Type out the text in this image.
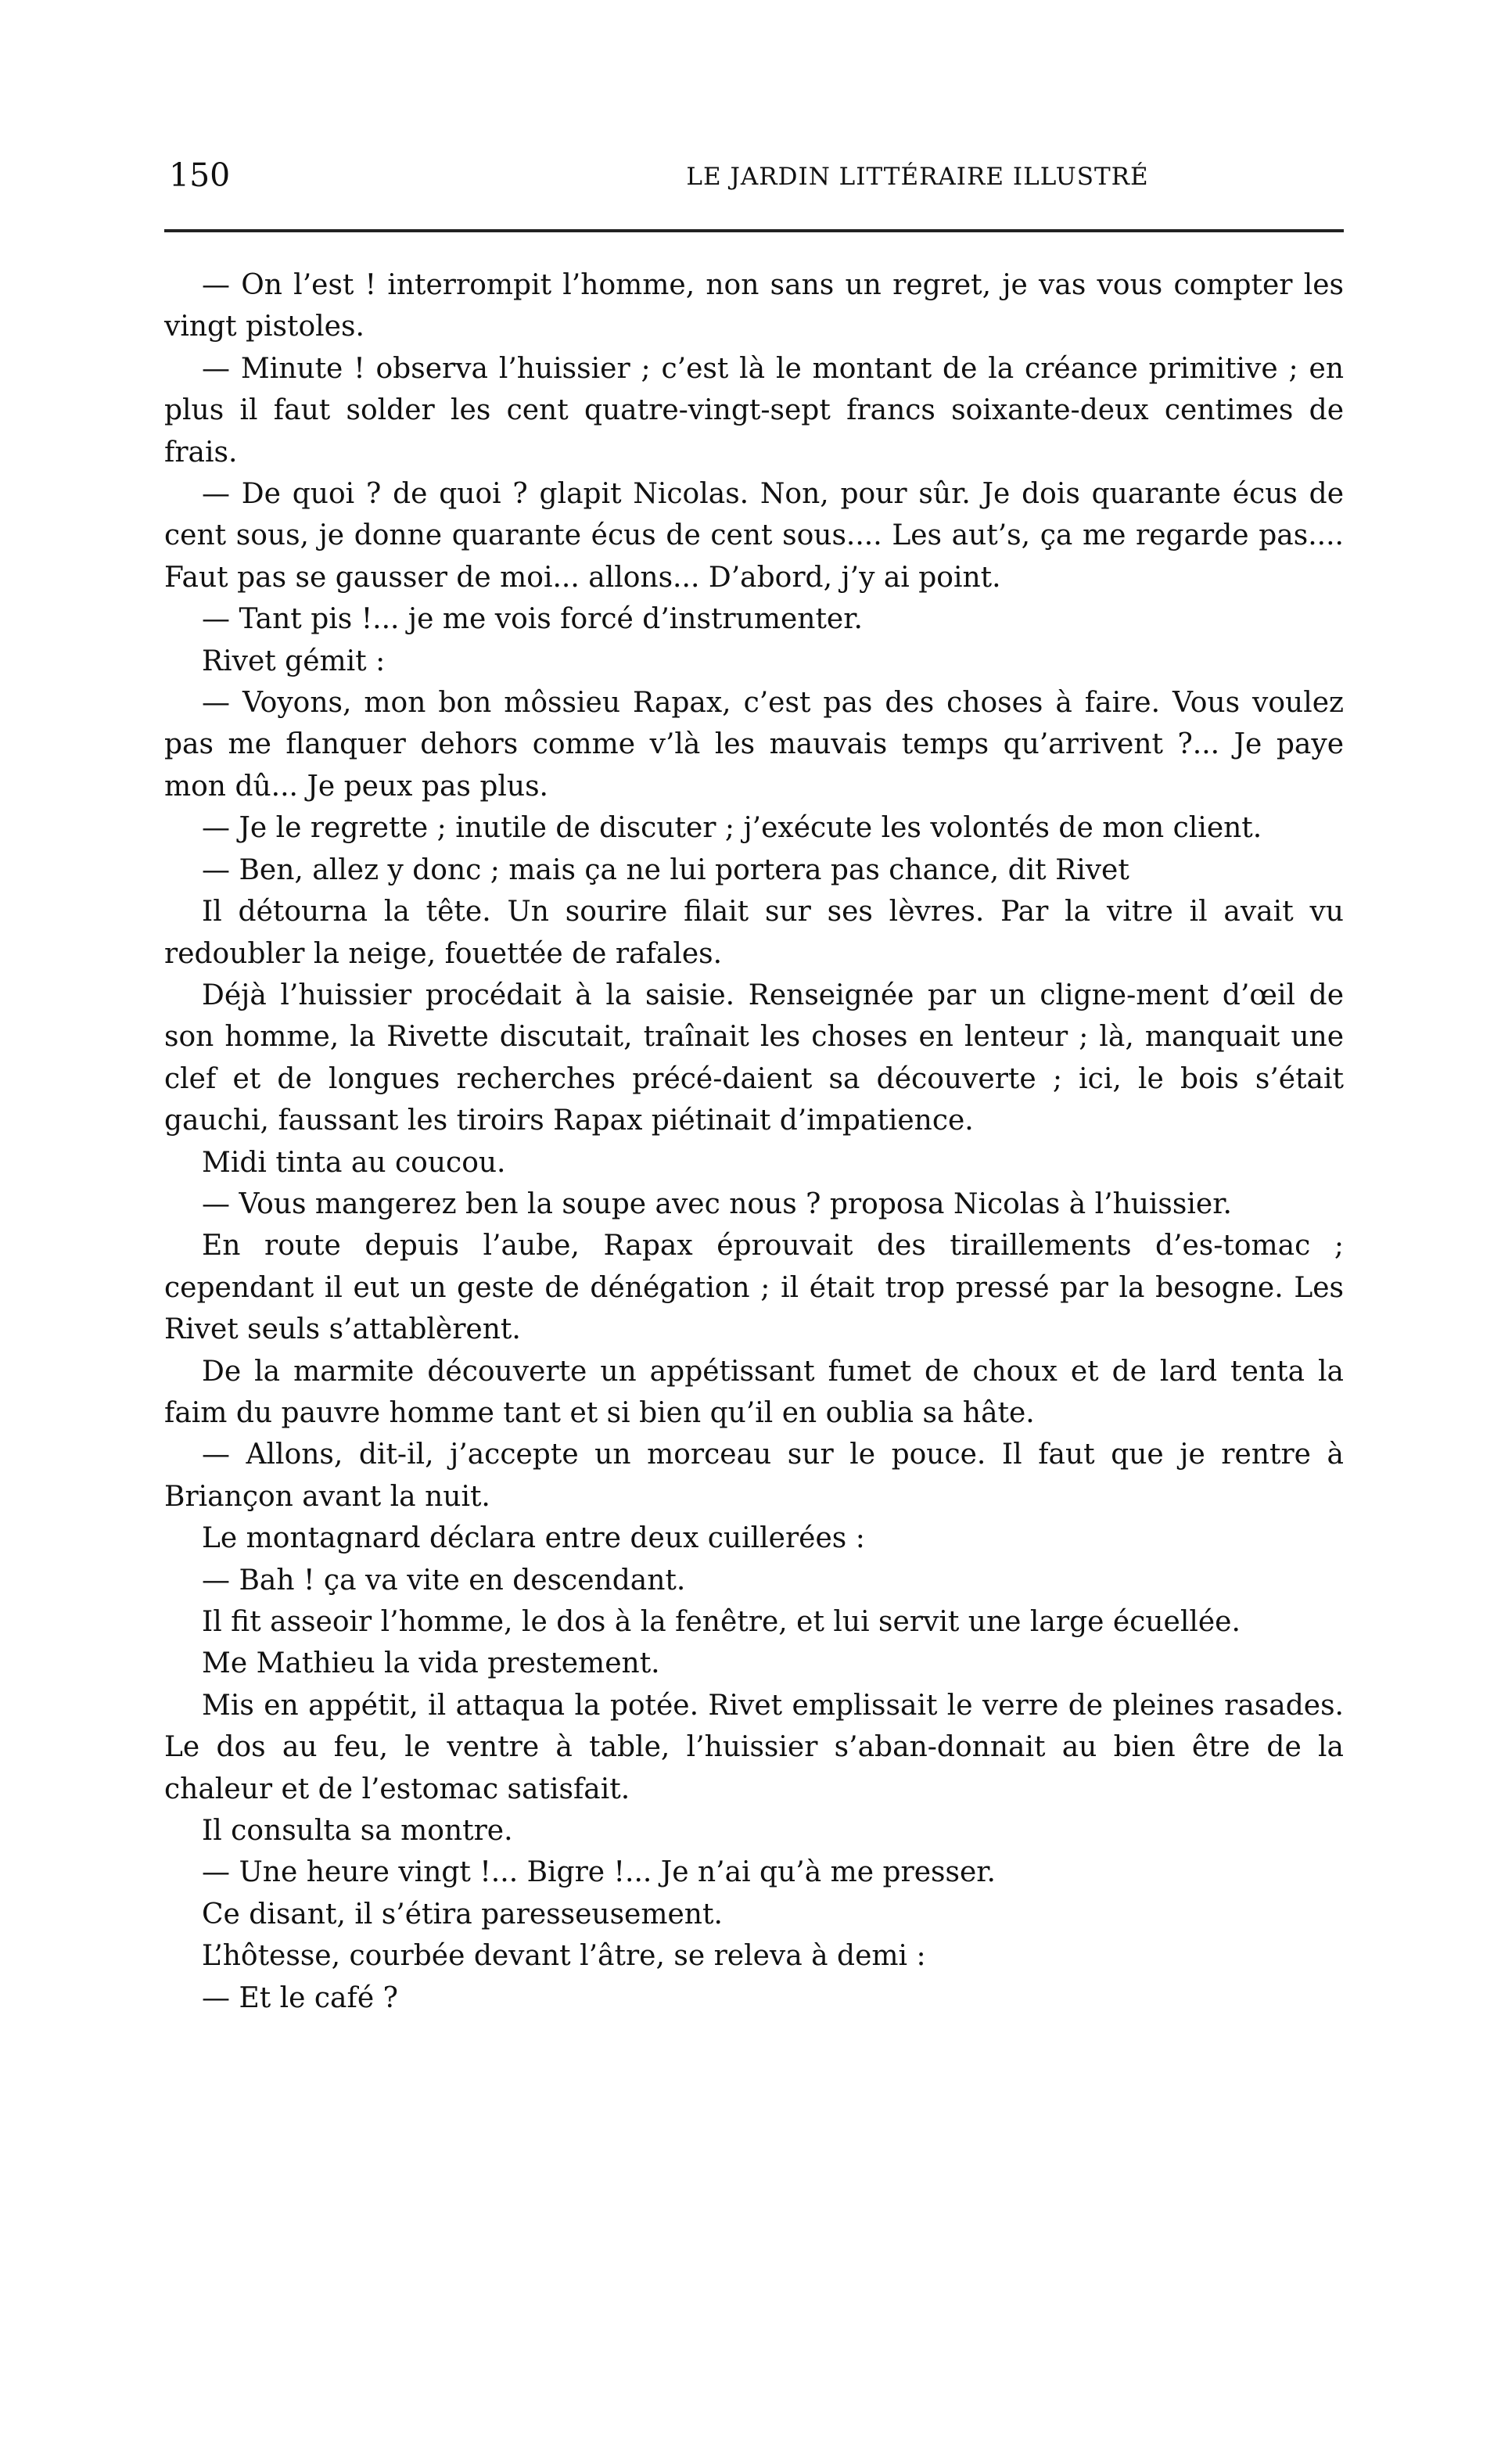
150	LE JARDIN LITTÉRAIRE ILLUSTRÉ

— On l’est ! interrompit l’homme, non sans un regret, je vas vous compter les vingt pistoles.

— Minute ! observa l’huissier ; c’est là le montant de la créance primitive ; en plus il faut solder les cent quatre-vingt-sept francs soixante-deux centimes de frais.

— De quoi ? de quoi ? glapit Nicolas. Non, pour sûr. Je dois quarante écus de cent sous, je donne quarante écus de cent sous.... Les aut’s, ça me regarde pas.... Faut pas se gausser de moi... allons... D’abord, j’y ai point.

— Tant pis !... je me vois forcé d’instrumenter.

Rivet gémit :

— Voyons, mon bon môssieu Rapax, c’est pas des choses à faire. Vous voulez pas me flanquer dehors comme v’là les mauvais temps qu’arrivent ?... Je paye mon dû... Je peux pas plus.

— Je le regrette ; inutile de discuter ; j’exécute les volontés de mon client.

— Ben, allez y donc ; mais ça ne lui portera pas chance, dit Rivet

Il détourna la tête. Un sourire filait sur ses lèvres. Par la vitre il avait vu redoubler la neige, fouettée de rafales.

Déjà l’huissier procédait à la saisie. Renseignée par un cligne-ment d’œil de son homme, la Rivette discutait, traînait les choses en lenteur ; là, manquait une clef et de longues recherches précé-daient sa découverte ; ici, le bois s’était gauchi, faussant les tiroirs Rapax piétinait d’impatience.

Midi tinta au coucou.

— Vous mangerez ben la soupe avec nous ? proposa Nicolas à l’huissier.

En route depuis l’aube, Rapax éprouvait des tiraillements d’es-tomac ; cependant il eut un geste de dénégation ; il était trop pressé par la besogne. Les Rivet seuls s’attablèrent.

De la marmite découverte un appétissant fumet de choux et de lard tenta la faim du pauvre homme tant et si bien qu’il en oublia sa hâte.

— Allons, dit-il, j’accepte un morceau sur le pouce. Il faut que je rentre à Briançon avant la nuit.

Le montagnard déclara entre deux cuillerées :

— Bah ! ça va vite en descendant.

Il fit asseoir l’homme, le dos à la fenêtre, et lui servit une large écuellée.

Me Mathieu la vida prestement.

Mis en appétit, il attaqua la potée. Rivet emplissait le verre de pleines rasades. Le dos au feu, le ventre à table, l’huissier s’aban-donnait au bien être de la chaleur et de l’estomac satisfait.

Il consulta sa montre.

— Une heure vingt !... Bigre !... Je n’ai qu’à me presser.

Ce disant, il s’étira paresseusement.

L’hôtesse, courbée devant l’âtre, se releva à demi :

— Et le café ?
